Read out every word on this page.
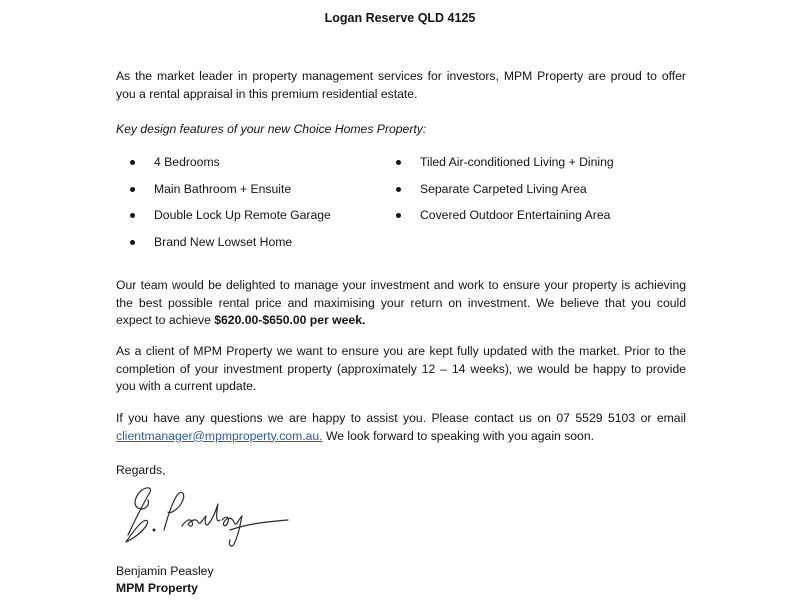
Logan Reserve QLD 4125

As the market leader in property management services for investors, MPM Property are proud to offer you a rental appraisal in this premium residential estate.

Key design features of your new Choice Homes Property:
4 Bedrooms
Main Bathroom + Ensuite
Double Lock Up Remote Garage
Brand New Lowset Home
Tiled Air-conditioned Living + Dining
Separate Carpeted Living Area
Covered Outdoor Entertaining Area

Our team would be delighted to manage your investment and work to ensure your property is achieving the best possible rental price and maximising your return on investment. We believe that you could expect to achieve $620.00-$650.00 per week.

As a client of MPM Property we want to ensure you are kept fully updated with the market. Prior to the completion of your investment property (approximately 12 – 14 weeks), we would be happy to provide you with a current update.

If you have any questions we are happy to assist you. Please contact us on 07 5529 5103 or email clientmanager@mpmproperty.com.au. We look forward to speaking with you again soon.

Regards,
Benjamin Peasley
MPM Property
